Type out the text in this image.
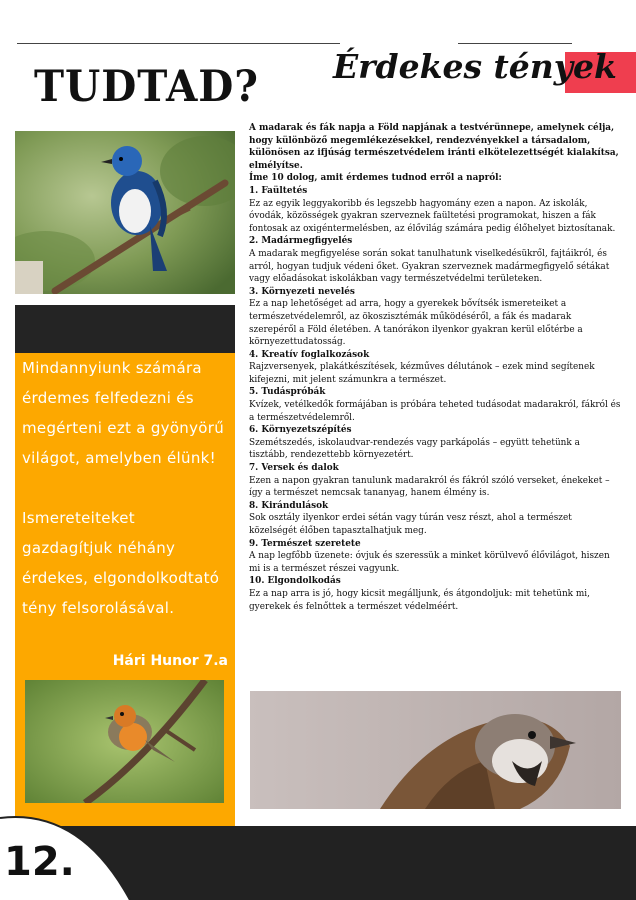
TUDTAD? Érdekes tények

Mindannyiunk számára érdemes felfedezni és megérteni ezt a gyönyörű világot, amelyben élünk!

Ismereteiteket gazdagítjuk néhány érdekes, elgondolkodtató tény felsorolásával.

Hári Hunor 7.a

A madarak és fák napja a Föld napjának a testvérünnepe, amelynek célja, hogy különböző megemlékezésekkel, rendezvényekkel a társadalom, különösen az ifjúság természetvédelem iránti elkötelezettségét kialakítsa, elmélyítse.

Íme 10 dolog, amit érdemes tudnod erről a napról:

1. Faültetés

Ez az egyik leggyakoribb és legszebb hagyomány ezen a napon. Az iskolák, óvodák, közösségek gyakran szerveznek faültetési programokat, hiszen a fák fontosak az oxigéntermelésben, az élővilág számára pedig élőhelyet biztosítanak.

2. Madármegfigyelés

A madarak megfigyelése során sokat tanulhatunk viselkedésükről, fajtáikról, és arról, hogyan tudjuk védeni őket. Gyakran szerveznek madármegfigyelő sétákat vagy előadásokat iskolákban vagy természetvédelmi területeken.

3. Környezeti nevelés

Ez a nap lehetőséget ad arra, hogy a gyerekek bővítsék ismereteiket a természetvédelemről, az ökoszisztémák működéséről, a fák és madarak szerepéről a Föld életében. A tanórákon ilyenkor gyakran kerül előtérbe a környezettudatosság.

4. Kreatív foglalkozások

Rajzversenyek, plakátkészítések, kézműves délutánok – ezek mind segítenek kifejezni, mit jelent számunkra a természet.

5. Tudáspróbák

Kvízek, vetélkedők formájában is próbára teheted tudásodat madarakról, fákról és a természetvédelemről.

6. Környezetszépítés

Szemétszedés, iskolaudvar-rendezés vagy parkápolás – együtt tehetünk a tisztább, rendezettebb környezetért.

7. Versek és dalok

Ezen a napon gyakran tanulunk madarakról és fákról szóló verseket, énekeket – így a természet nemcsak tananyag, hanem élmény is.

8. Kirándulások

Sok osztály ilyenkor erdei sétán vagy túrán vesz részt, ahol a természet közelségét élőben tapasztalhatjuk meg.

9. Természet szeretete

A nap legfőbb üzenete: óvjuk és szeressük a minket körülvevő élővilágot, hiszen mi is a természet részei vagyunk.

10. Elgondolkodás

Ez a nap arra is jó, hogy kicsit megálljunk, és átgondoljuk: mit tehetünk mi, gyerekek és felnőttek a természet védelméért.

12.
